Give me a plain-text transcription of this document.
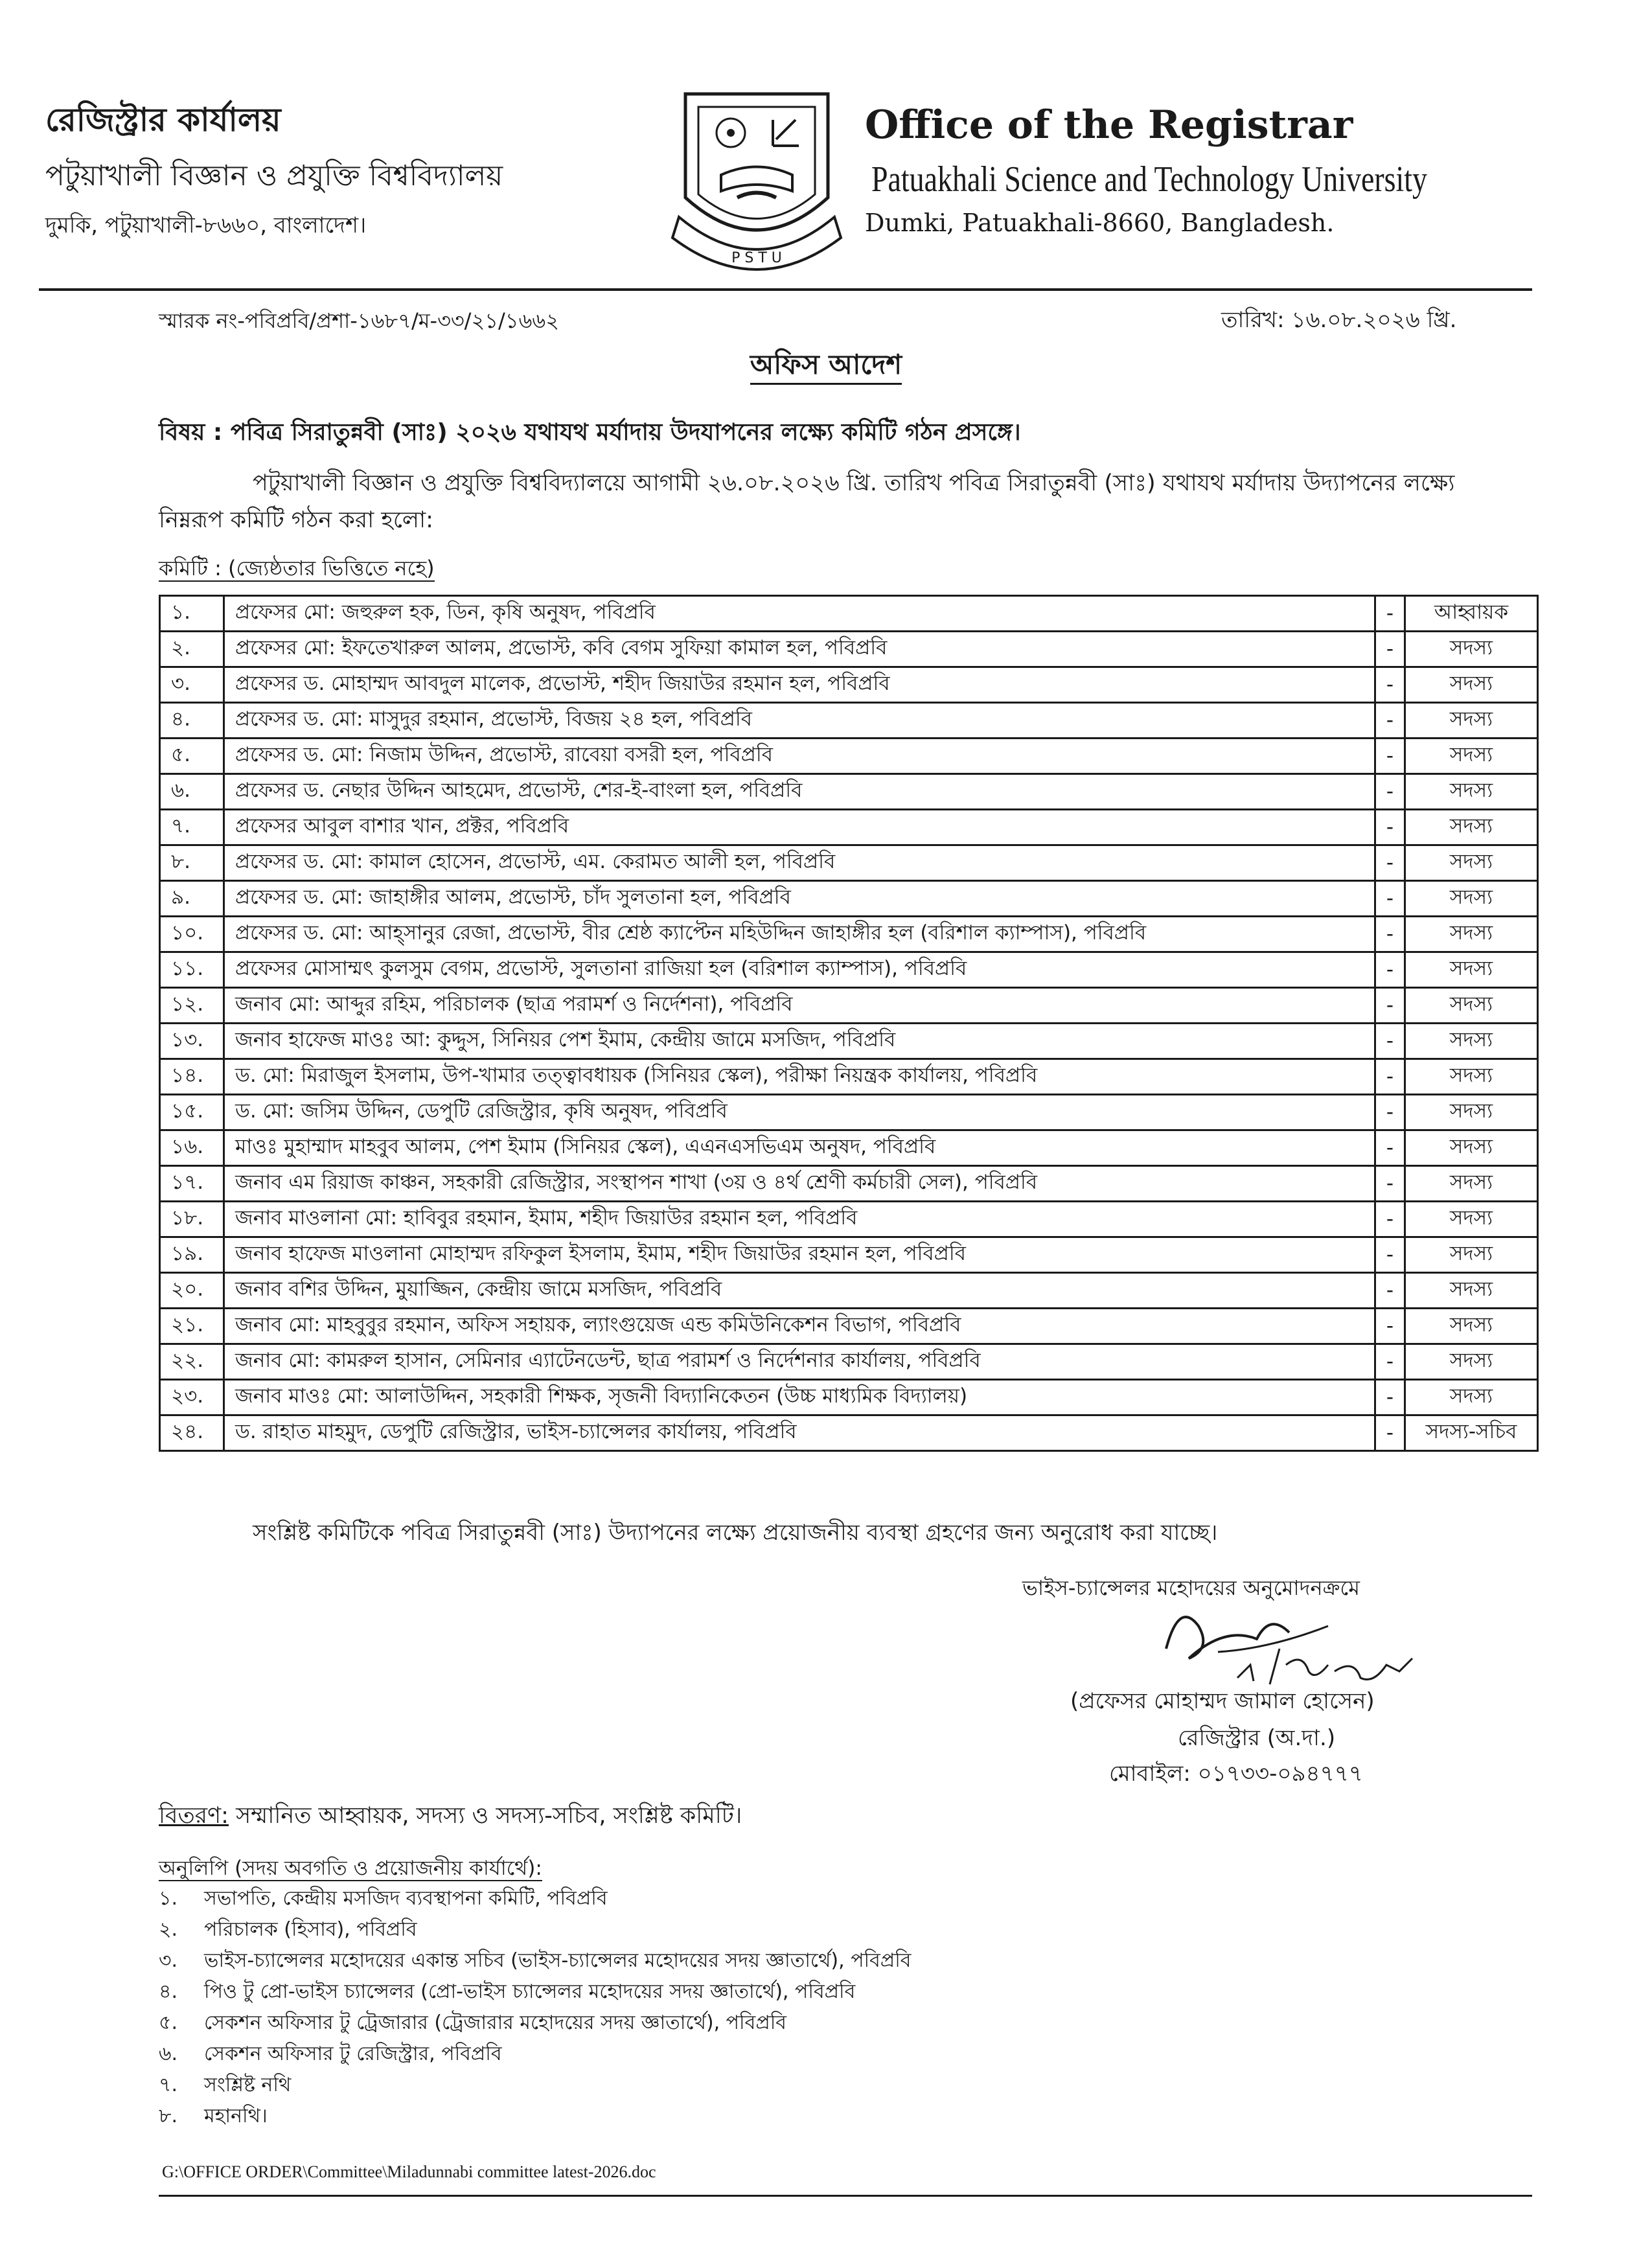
রেজিস্ট্রার কার্যালয়
পটুয়াখালী বিজ্ঞান ও প্রযুক্তি বিশ্ববিদ্যালয়
দুমকি, পটুয়াখালী-৮৬৬০, বাংলাদেশ।
P S T U
Office of the Registrar
Patuakhali Science and Technology University
Dumki, Patuakhali-8660, Bangladesh.
স্মারক নং-পবিপ্রবি/প্রশা-১৬৮৭/ম-৩৩/২১/১৬৬২	তারিখ: ১৬.০৮.২০২৬ খ্রি.
অফিস আদেশ
বিষয় : পবিত্র সিরাতুন্নবী (সাঃ) ২০২৬ যথাযথ মর্যাদায় উদযাপনের লক্ষ্যে কমিটি গঠন প্রসঙ্গে।
পটুয়াখালী বিজ্ঞান ও প্রযুক্তি বিশ্ববিদ্যালয়ে আগামী ২৬.০৮.২০২৬ খ্রি. তারিখ পবিত্র সিরাতুন্নবী (সাঃ) যথাযথ মর্যাদায় উদ্যাপনের লক্ষ্যে
নিম্নরূপ কমিটি গঠন করা হলো:
কমিটি : (জ্যেষ্ঠতার ভিত্তিতে নহে)
১.	প্রফেসর মো: জহুরুল হক, ডিন, কৃষি অনুষদ, পবিপ্রবি	-	আহ্বায়ক
২.	প্রফেসর মো: ইফতেখারুল আলম, প্রভোস্ট, কবি বেগম সুফিয়া কামাল হল, পবিপ্রবি	-	সদস্য
৩.	প্রফেসর ড. মোহাম্মদ আবদুল মালেক, প্রভোস্ট, শহীদ জিয়াউর রহমান হল, পবিপ্রবি	-	সদস্য
৪.	প্রফেসর ড. মো: মাসুদুর রহমান, প্রভোস্ট, বিজয় ২৪ হল, পবিপ্রবি	-	সদস্য
৫.	প্রফেসর ড. মো: নিজাম উদ্দিন, প্রভোস্ট, রাবেয়া বসরী হল, পবিপ্রবি	-	সদস্য
৬.	প্রফেসর ড. নেছার উদ্দিন আহমেদ, প্রভোস্ট, শের-ই-বাংলা হল, পবিপ্রবি	-	সদস্য
৭.	প্রফেসর আবুল বাশার খান, প্রক্টর, পবিপ্রবি	-	সদস্য
৮.	প্রফেসর ড. মো: কামাল হোসেন, প্রভোস্ট, এম. কেরামত আলী হল, পবিপ্রবি	-	সদস্য
৯.	প্রফেসর ড. মো: জাহাঙ্গীর আলম, প্রভোস্ট, চাঁদ সুলতানা হল, পবিপ্রবি	-	সদস্য
১০.	প্রফেসর ড. মো: আহ্সানুর রেজা, প্রভোস্ট, বীর শ্রেষ্ঠ ক্যাপ্টেন মহিউদ্দিন জাহাঙ্গীর হল (বরিশাল ক্যাম্পাস), পবিপ্রবি	-	সদস্য
১১.	প্রফেসর মোসাম্মৎ কুলসুম বেগম, প্রভোস্ট, সুলতানা রাজিয়া হল (বরিশাল ক্যাম্পাস), পবিপ্রবি	-	সদস্য
১২.	জনাব মো: আব্দুর রহিম, পরিচালক (ছাত্র পরামর্শ ও নির্দেশনা), পবিপ্রবি	-	সদস্য
১৩.	জনাব হাফেজ মাওঃ আ: কুদ্দুস, সিনিয়র পেশ ইমাম, কেন্দ্রীয় জামে মসজিদ, পবিপ্রবি	-	সদস্য
১৪.	ড. মো: মিরাজুল ইসলাম, উপ-খামার তত্ত্বাবধায়ক (সিনিয়র স্কেল), পরীক্ষা নিয়ন্ত্রক কার্যালয়, পবিপ্রবি	-	সদস্য
১৫.	ড. মো: জসিম উদ্দিন, ডেপুটি রেজিস্ট্রার, কৃষি অনুষদ, পবিপ্রবি	-	সদস্য
১৬.	মাওঃ মুহাম্মাদ মাহবুব আলম, পেশ ইমাম (সিনিয়র স্কেল), এএনএসভিএম অনুষদ, পবিপ্রবি	-	সদস্য
১৭.	জনাব এম রিয়াজ কাঞ্চন, সহকারী রেজিস্ট্রার, সংস্থাপন শাখা (৩য় ও ৪র্থ শ্রেণী কর্মচারী সেল), পবিপ্রবি	-	সদস্য
১৮.	জনাব মাওলানা মো: হাবিবুর রহমান, ইমাম, শহীদ জিয়াউর রহমান হল, পবিপ্রবি	-	সদস্য
১৯.	জনাব হাফেজ মাওলানা মোহাম্মদ রফিকুল ইসলাম, ইমাম, শহীদ জিয়াউর রহমান হল, পবিপ্রবি	-	সদস্য
২০.	জনাব বশির উদ্দিন, মুয়াজ্জিন, কেন্দ্রীয় জামে মসজিদ, পবিপ্রবি	-	সদস্য
২১.	জনাব মো: মাহবুবুর রহমান, অফিস সহায়ক, ল্যাংগুয়েজ এন্ড কমিউনিকেশন বিভাগ, পবিপ্রবি	-	সদস্য
২২.	জনাব মো: কামরুল হাসান, সেমিনার এ্যাটেনডেন্ট, ছাত্র পরামর্শ ও নির্দেশনার কার্যালয়, পবিপ্রবি	-	সদস্য
২৩.	জনাব মাওঃ মো: আলাউদ্দিন, সহকারী শিক্ষক, সৃজনী বিদ্যানিকেতন (উচ্চ মাধ্যমিক বিদ্যালয়)	-	সদস্য
২৪.	ড. রাহাত মাহমুদ, ডেপুটি রেজিস্ট্রার, ভাইস-চ্যান্সেলর কার্যালয়, পবিপ্রবি	-	সদস্য-সচিব
সংশ্লিষ্ট কমিটিকে পবিত্র সিরাতুন্নবী (সাঃ) উদ্যাপনের লক্ষ্যে প্রয়োজনীয় ব্যবস্থা গ্রহণের জন্য অনুরোধ করা যাচ্ছে।
ভাইস-চ্যান্সেলর মহোদয়ের অনুমোদনক্রমে
(প্রফেসর মোহাম্মদ জামাল হোসেন)
রেজিস্ট্রার (অ.দা.)
মোবাইল: ০১৭৩৩-০৯৪৭৭৭
বিতরণ: সম্মানিত আহ্বায়ক, সদস্য ও সদস্য-সচিব, সংশ্লিষ্ট কমিটি।
অনুলিপি (সদয় অবগতি ও প্রয়োজনীয় কার্যার্থে):
১.	সভাপতি, কেন্দ্রীয় মসজিদ ব্যবস্থাপনা কমিটি, পবিপ্রবি
২.	পরিচালক (হিসাব), পবিপ্রবি
৩.	ভাইস-চ্যান্সেলর মহোদয়ের একান্ত সচিব (ভাইস-চ্যান্সেলর মহোদয়ের সদয় জ্ঞাতার্থে), পবিপ্রবি
৪.	পিও টু প্রো-ভাইস চ্যান্সেলর (প্রো-ভাইস চ্যান্সেলর মহোদয়ের সদয় জ্ঞাতার্থে), পবিপ্রবি
৫.	সেকশন অফিসার টু ট্রেজারার (ট্রেজারার মহোদয়ের সদয় জ্ঞাতার্থে), পবিপ্রবি
৬.	সেকশন অফিসার টু রেজিস্ট্রার, পবিপ্রবি
৭.	সংশ্লিষ্ট নথি
৮.	মহানথি।
G:\OFFICE ORDER\Committee\Miladunnabi committee latest-2026.doc
